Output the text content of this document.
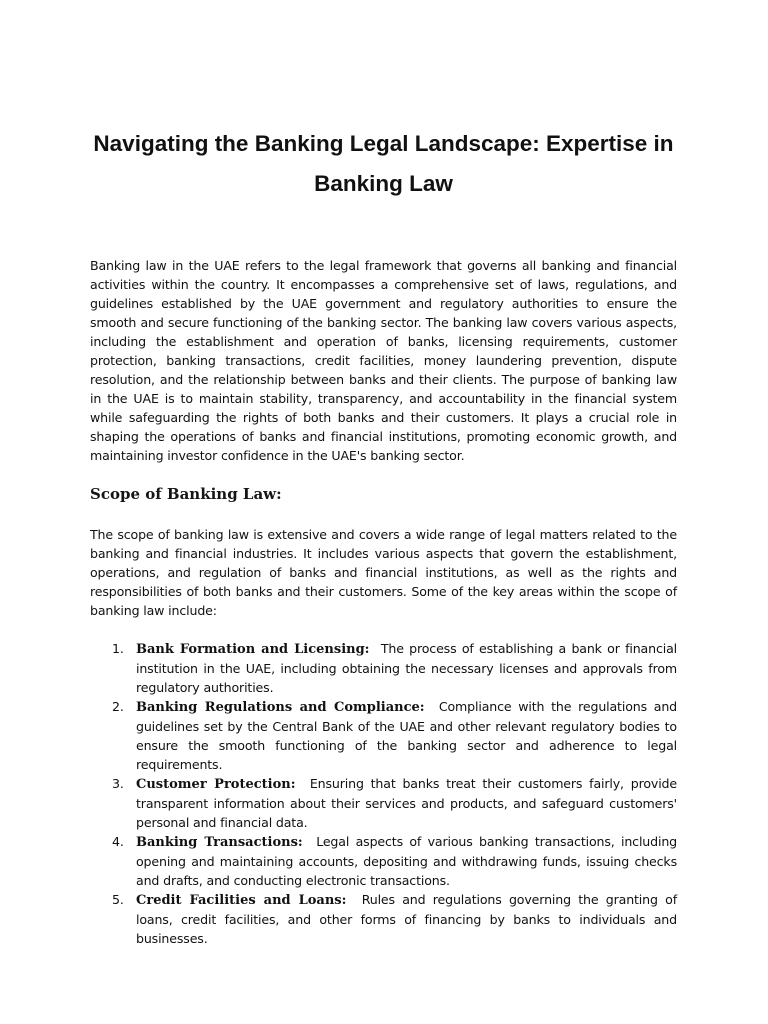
Navigating the Banking Legal Landscape: Expertise in Banking Law

Banking law in the UAE refers to the legal framework that governs all banking and financial activities within the country. It encompasses a comprehensive set of laws, regulations, and guidelines established by the UAE government and regulatory authorities to ensure the smooth and secure functioning of the banking sector. The banking law covers various aspects, including the establishment and operation of banks, licensing requirements, customer protection, banking transactions, credit facilities, money laundering prevention, dispute resolution, and the relationship between banks and their clients. The purpose of banking law in the UAE is to maintain stability, transparency, and accountability in the financial system while safeguarding the rights of both banks and their customers. It plays a crucial role in shaping the operations of banks and financial institutions, promoting economic growth, and maintaining investor confidence in the UAE's banking sector.

Scope of Banking Law:

The scope of banking law is extensive and covers a wide range of legal matters related to the banking and financial industries. It includes various aspects that govern the establishment, operations, and regulation of banks and financial institutions, as well as the rights and responsibilities of both banks and their customers. Some of the key areas within the scope of banking law include:

1. Bank Formation and Licensing:  The process of establishing a bank or financial institution in the UAE, including obtaining the necessary licenses and approvals from regulatory authorities.
2. Banking Regulations and Compliance:  Compliance with the regulations and guidelines set by the Central Bank of the UAE and other relevant regulatory bodies to ensure the smooth functioning of the banking sector and adherence to legal requirements.
3. Customer Protection:  Ensuring that banks treat their customers fairly, provide transparent information about their services and products, and safeguard customers' personal and financial data.
4. Banking Transactions:  Legal aspects of various banking transactions, including opening and maintaining accounts, depositing and withdrawing funds, issuing checks and drafts, and conducting electronic transactions.
5. Credit Facilities and Loans:  Rules and regulations governing the granting of loans, credit facilities, and other forms of financing by banks to individuals and businesses.
